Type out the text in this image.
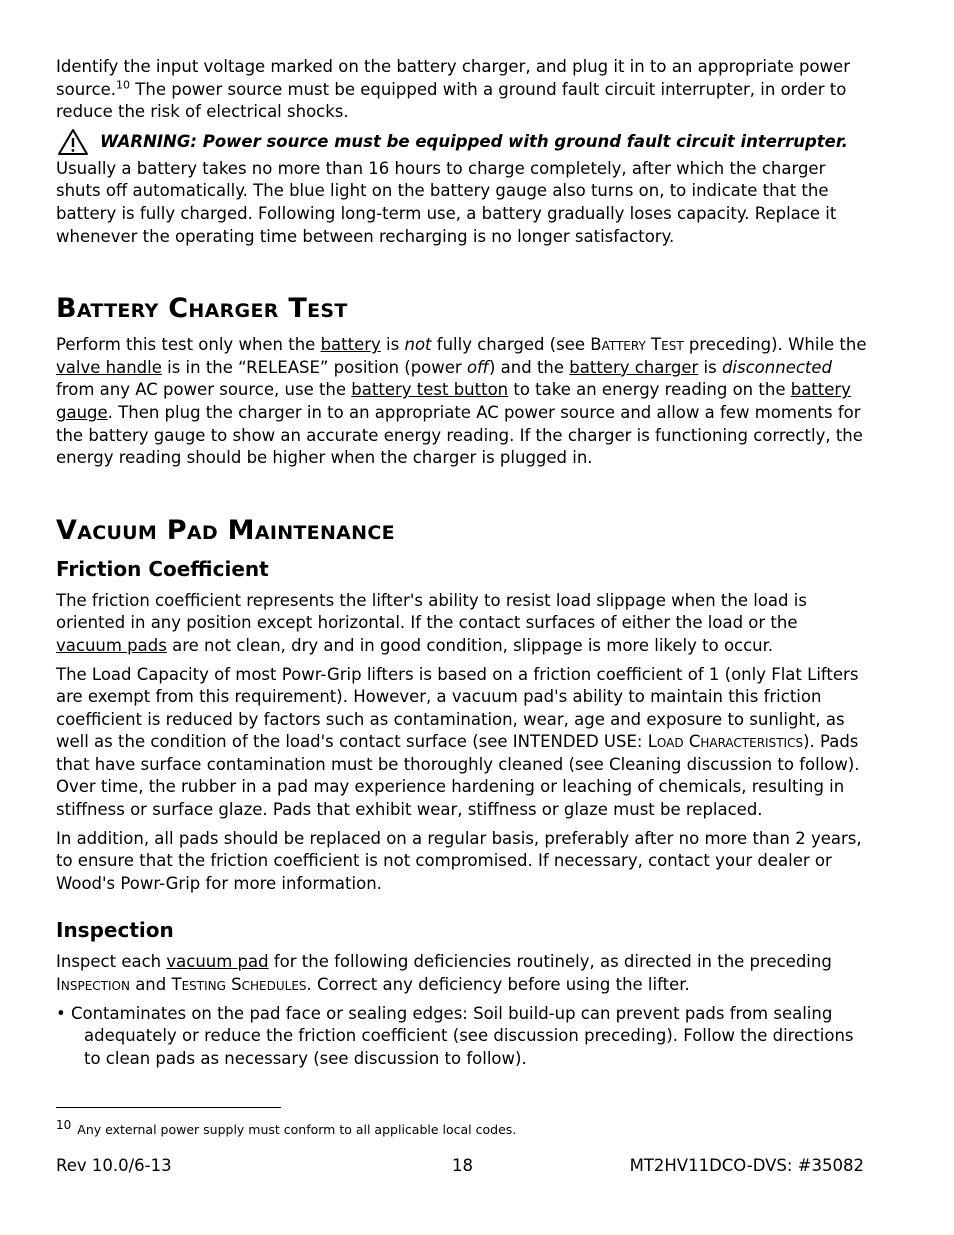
Identify the input voltage marked on the battery charger, and plug it in to an appropriate power source.$^{10}$ The power source must be equipped with a ground fault circuit interrupter, in order to reduce the risk of electrical shocks.

WARNING: Power source must be equipped with ground fault circuit interrupter.

Usually a battery takes no more than 16 hours to charge completely, after which the charger shuts off automatically. The blue light on the battery gauge also turns on, to indicate that the battery is fully charged. Following long-term use, a battery gradually loses capacity. Replace it whenever the operating time between recharging is no longer satisfactory.

Battery Charger Test

Perform this test only when the battery is not fully charged (see Battery Test preceding). While the valve handle is in the “RELEASE” position (power off) and the battery charger is disconnected from any AC power source, use the battery test button to take an energy reading on the battery gauge. Then plug the charger in to an appropriate AC power source and allow a few moments for the battery gauge to show an accurate energy reading. If the charger is functioning correctly, the energy reading should be higher when the charger is plugged in.

Vacuum Pad Maintenance
Friction Coefficient

The friction coefficient represents the lifter's ability to resist load slippage when the load is oriented in any position except horizontal. If the contact surfaces of either the load or the vacuum pads are not clean, dry and in good condition, slippage is more likely to occur.

The Load Capacity of most Powr-Grip lifters is based on a friction coefficient of 1 (only Flat Lifters are exempt from this requirement). However, a vacuum pad's ability to maintain this friction coefficient is reduced by factors such as contamination, wear, age and exposure to sunlight, as well as the condition of the load's contact surface (see INTENDED USE: Load Characteristics). Pads that have surface contamination must be thoroughly cleaned (see Cleaning discussion to follow). Over time, the rubber in a pad may experience hardening or leaching of chemicals, resulting in stiffness or surface glaze. Pads that exhibit wear, stiffness or glaze must be replaced.

In addition, all pads should be replaced on a regular basis, preferably after no more than 2 years, to ensure that the friction coefficient is not compromised. If necessary, contact your dealer or Wood's Powr-Grip for more information.

Inspection

Inspect each vacuum pad for the following deficiencies routinely, as directed in the preceding Inspection and Testing Schedules. Correct any deficiency before using the lifter.

• Contaminates on the pad face or sealing edges: Soil build-up can prevent pads from sealing adequately or reduce the friction coefficient (see discussion preceding). Follow the directions to clean pads as necessary (see discussion to follow).

$^{10}$ Any external power supply must conform to all applicable local codes.
Rev 10.0/6-13	18	MT2HV11DCO-DVS: #35082
